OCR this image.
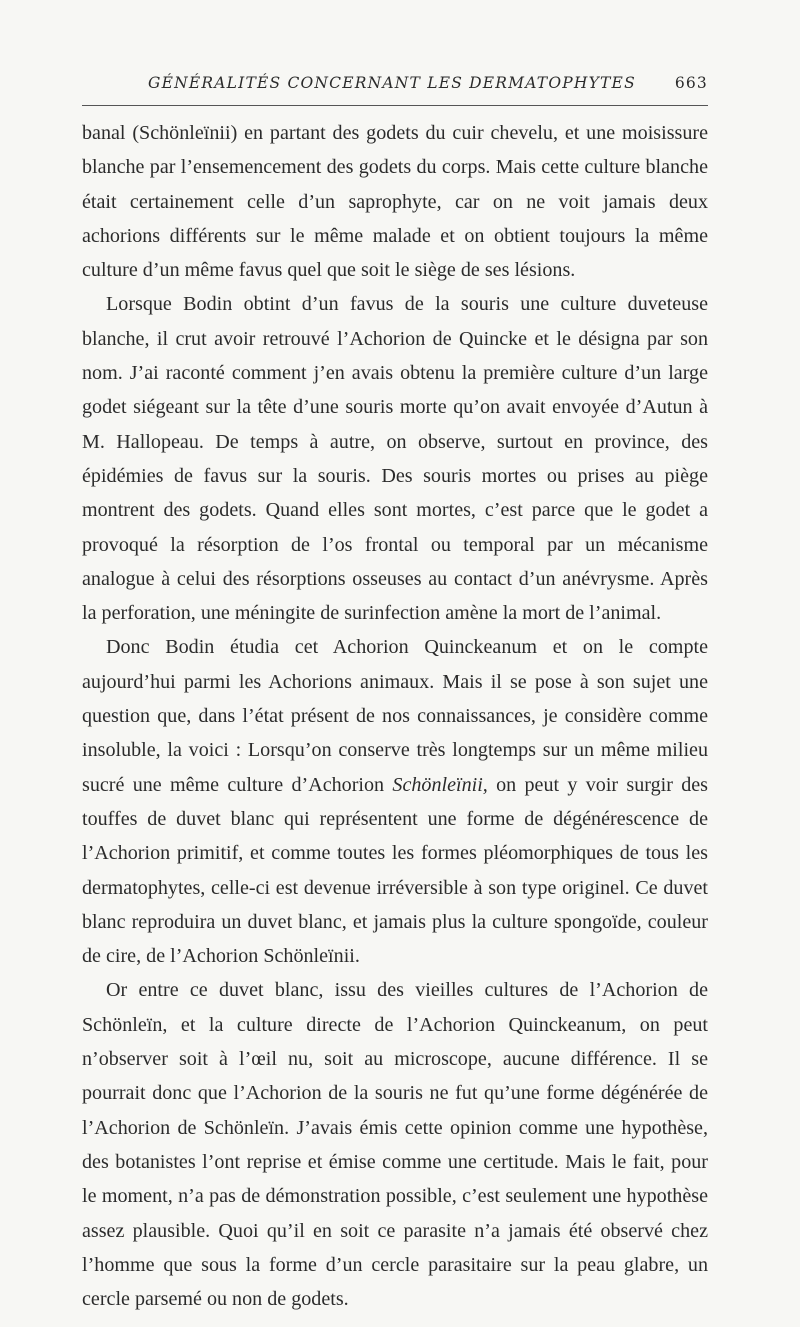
GÉNÉRALITÉS CONCERNANT LES DERMATOPHYTES	663

banal (Schönleïnii) en partant des godets du cuir chevelu, et une moisissure blanche par l’ensemencement des godets du corps. Mais cette culture blanche était certainement celle d’un saprophyte, car on ne voit jamais deux achorions différents sur le même malade et on obtient toujours la même culture d’un même favus quel que soit le siège de ses lésions.

Lorsque Bodin obtint d’un favus de la souris une culture duveteuse blanche, il crut avoir retrouvé l’Achorion de Quincke et le désigna par son nom. J’ai raconté comment j’en avais obtenu la première culture d’un large godet siégeant sur la tête d’une souris morte qu’on avait envoyée d’Autun à M. Hallopeau. De temps à autre, on observe, surtout en province, des épidémies de favus sur la souris. Des souris mortes ou prises au piège montrent des godets. Quand elles sont mortes, c’est parce que le godet a provoqué la résorption de l’os frontal ou temporal par un mécanisme analogue à celui des résorptions osseuses au contact d’un anévrysme. Après la perforation, une méningite de surinfection amène la mort de l’animal.

Donc Bodin étudia cet Achorion Quinckeanum et on le compte aujourd’hui parmi les Achorions animaux. Mais il se pose à son sujet une question que, dans l’état présent de nos connaissances, je considère comme insoluble, la voici : Lorsqu’on conserve très longtemps sur un même milieu sucré une même culture d’Achorion Schönleïnii, on peut y voir surgir des touffes de duvet blanc qui représentent une forme de dégénérescence de l’Achorion primitif, et comme toutes les formes pléomorphiques de tous les dermatophytes, celle-ci est devenue irréversible à son type originel. Ce duvet blanc reproduira un duvet blanc, et jamais plus la culture spongoïde, couleur de cire, de l’Achorion Schönleïnii.

Or entre ce duvet blanc, issu des vieilles cultures de l’Achorion de Schönleïn, et la culture directe de l’Achorion Quinckeanum, on peut n’observer soit à l’œil nu, soit au microscope, aucune différence. Il se pourrait donc que l’Achorion de la souris ne fut qu’une forme dégénérée de l’Achorion de Schönleïn. J’avais émis cette opinion comme une hypothèse, des botanistes l’ont reprise et émise comme une certitude. Mais le fait, pour le moment, n’a pas de démonstration possible, c’est seulement une hypothèse assez plausible. Quoi qu’il en soit ce parasite n’a jamais été observé chez l’homme que sous la forme d’un cercle parasitaire sur la peau glabre, un cercle parsemé ou non de godets.
